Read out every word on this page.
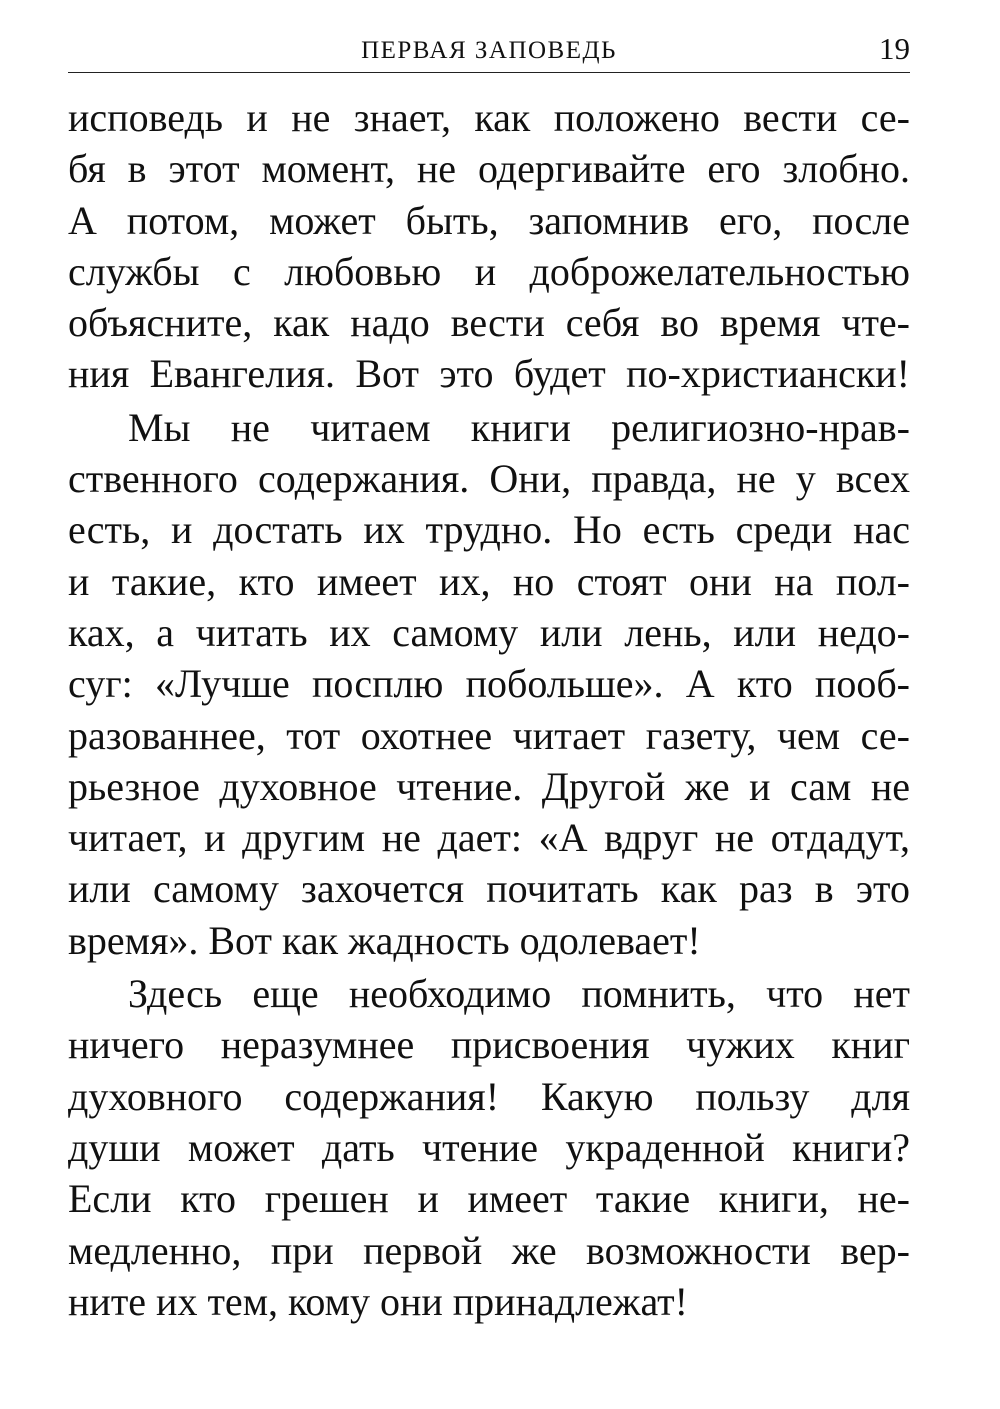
ПЕРВАЯ ЗАПОВЕДЬ	19
исповедь и не знает, как положено вести се-
бя в этот момент, не одергивайте его злобно.
А потом, может быть, запомнив его, после
службы с любовью и доброжелательностью
объясните, как надо вести себя во время чте-
ния Евангелия. Вот это будет по-христиански!
Мы не читаем книги религиозно-нрав-
ственного содержания. Они, правда, не у всех
есть, и достать их трудно. Но есть среди нас
и такие, кто имеет их, но стоят они на пол-
ках, а читать их самому или лень, или недо-
суг: «Лучше посплю побольше». А кто пооб-
разованнее, тот охотнее читает газету, чем се-
рьезное духовное чтение. Другой же и сам не
читает, и другим не дает: «А вдруг не отдадут,
или самому захочется почитать как раз в это
время». Вот как жадность одолевает!
Здесь еще необходимо помнить, что нет
ничего неразумнее присвоения чужих книг
духовного содержания! Какую пользу для
души может дать чтение украденной книги?
Если кто грешен и имеет такие книги, не-
медленно, при первой же возможности вер-
ните их тем, кому они принадлежат!
